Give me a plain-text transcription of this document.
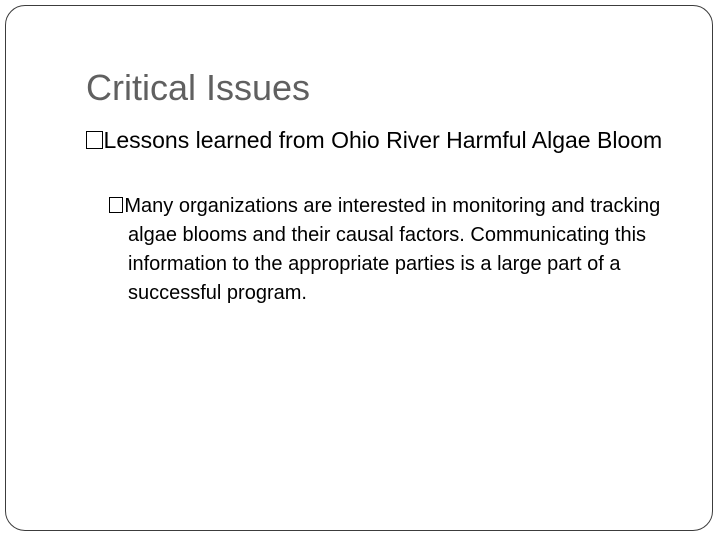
Critical Issues
Lessons learned from Ohio River Harmful Algae Bloom
Many organizations are interested in monitoring and tracking algae blooms and their causal factors. Communicating this information to the appropriate parties is a large part of a successful program.
